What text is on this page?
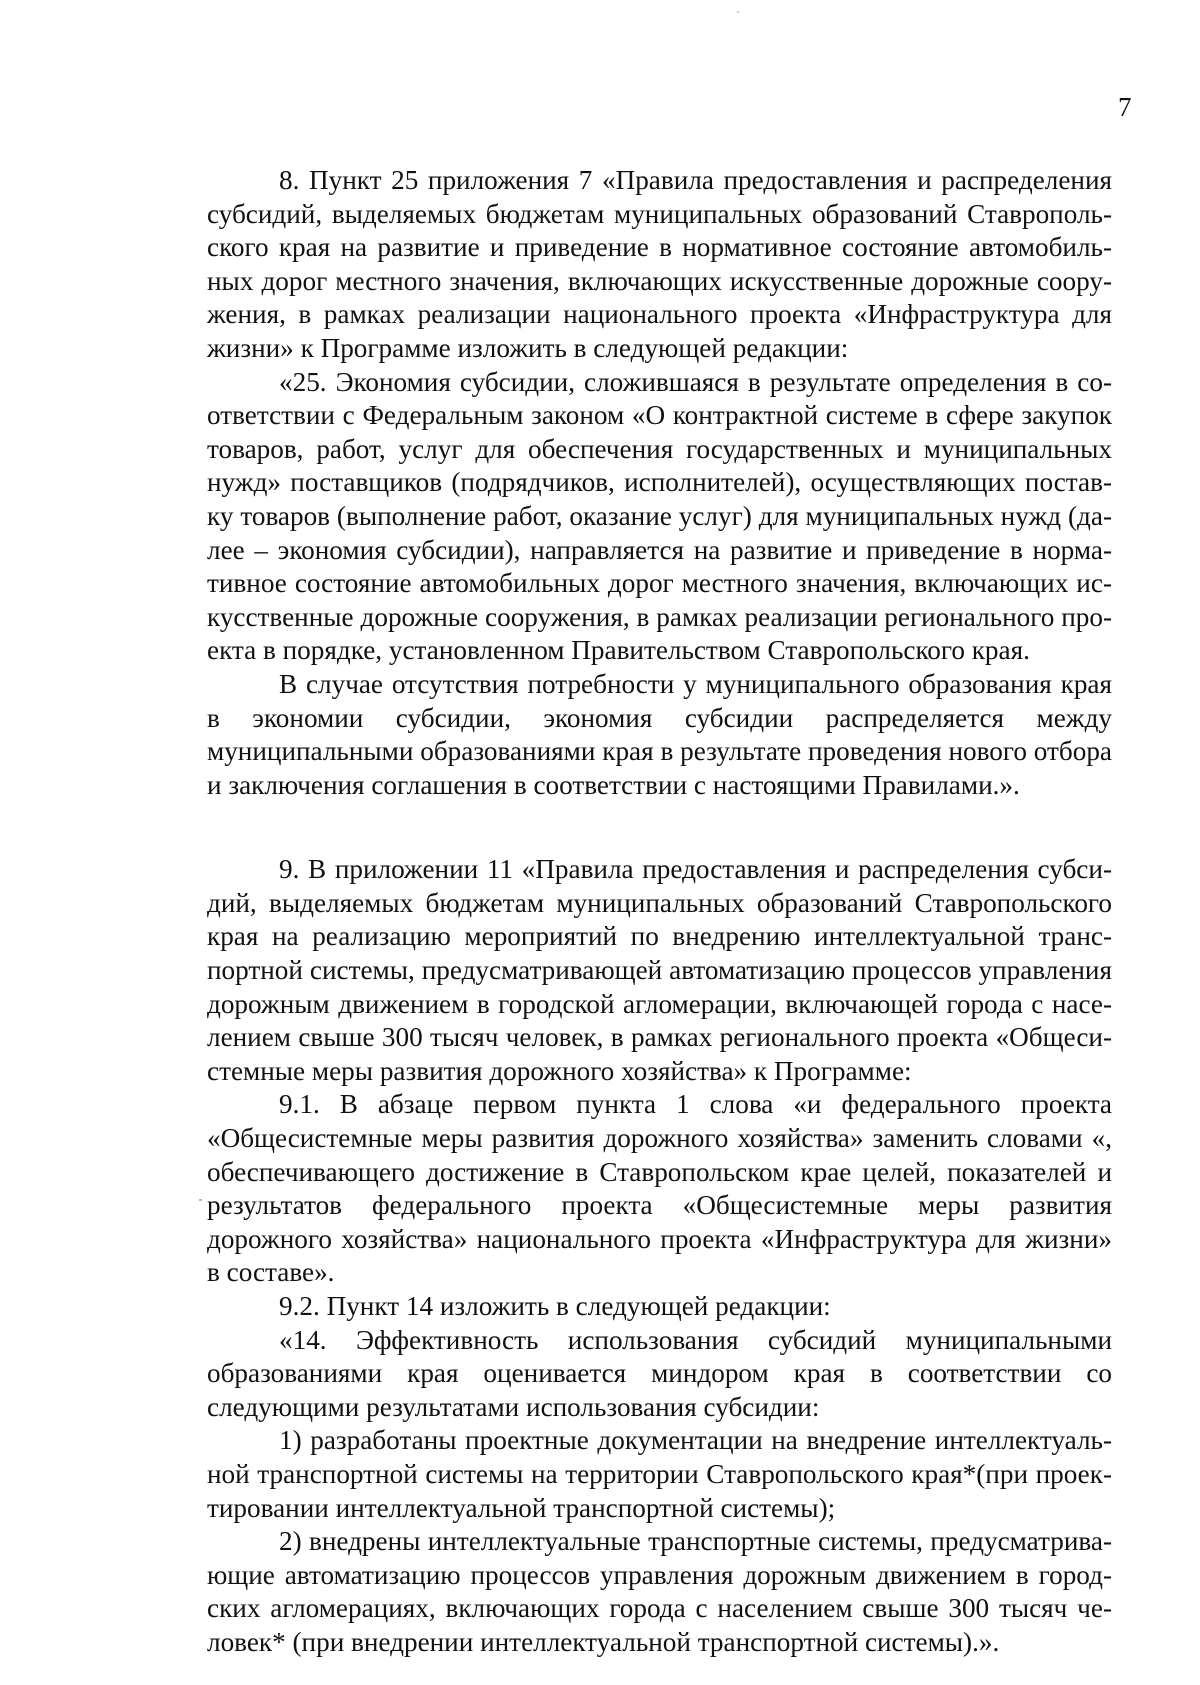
7

8. Пункт 25 приложения 7 «Правила предоставления и распределения субсидий, выделяемых бюджетам муниципальных образований Ставропольского края на развитие и приведение в нормативное состояние автомобильных дорог местного значения, включающих искусственные дорожные сооружения, в рамках реализации национального проекта «Инфраструктура для жизни» к Программе изложить в следующей редакции:

«25. Экономия субсидии, сложившаяся в результате определения в соответствии с Федеральным законом «О контрактной системе в сфере закупок товаров, работ, услуг для обеспечения государственных и муниципальных нужд» поставщиков (подрядчиков, исполнителей), осуществляющих поставку товаров (выполнение работ, оказание услуг) для муниципальных нужд (далее – экономия субсидии), направляется на развитие и приведение в нормативное состояние автомобильных дорог местного значения, включающих искусственные дорожные сооружения, в рамках реализации регионального проекта в порядке, установленном Правительством Ставропольского края.

В случае отсутствия потребности у муниципального образования края в экономии субсидии, экономия субсидии распределяется между муниципальными образованиями края в результате проведения нового отбора и заключения соглашения в соответствии с настоящими Правилами.».

9. В приложении 11 «Правила предоставления и распределения субсидий, выделяемых бюджетам муниципальных образований Ставропольского края на реализацию мероприятий по внедрению интеллектуальной транспортной системы, предусматривающей автоматизацию процессов управления дорожным движением в городской агломерации, включающей города с населением свыше 300 тысяч человек, в рамках регионального проекта «Общесистемные меры развития дорожного хозяйства» к Программе:

9.1. В абзаце первом пункта 1 слова «и федерального проекта «Общесистемные меры развития дорожного хозяйства» заменить словами «, обеспечивающего достижение в Ставропольском крае целей, показателей и результатов федерального проекта «Общесистемные меры развития дорожного хозяйства» национального проекта «Инфраструктура для жизни» в составе».

9.2. Пункт 14 изложить в следующей редакции:

«14. Эффективность использования субсидий муниципальными образованиями края оценивается миндором края в соответствии со следующими результатами использования субсидии:

1) разработаны проектные документации на внедрение интеллектуальной транспортной системы на территории Ставропольского края*(при проектировании интеллектуальной транспортной системы);

2) внедрены интеллектуальные транспортные системы, предусматривающие автоматизацию процессов управления дорожным движением в городских агломерациях, включающих города с населением свыше 300 тысяч человек* (при внедрении интеллектуальной транспортной системы).».
